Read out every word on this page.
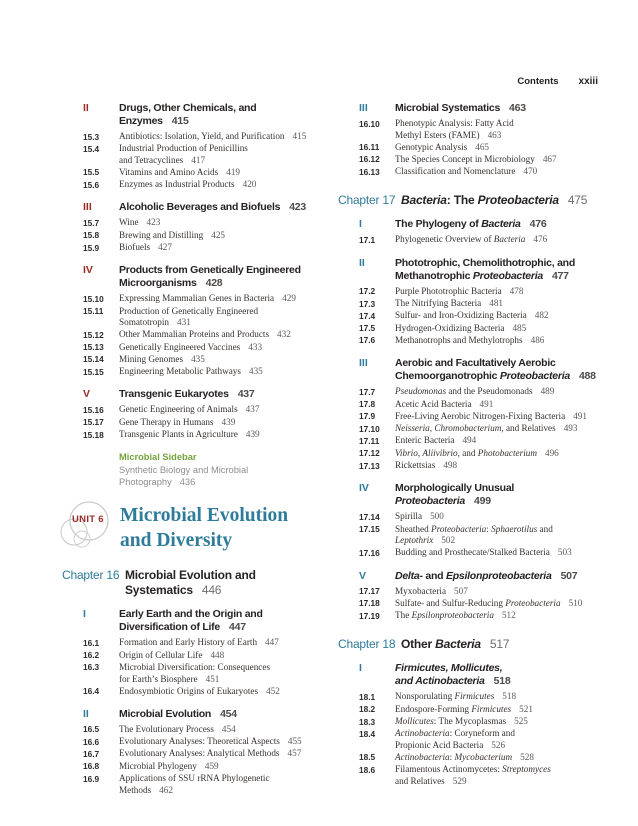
Contents xxiii
II	Drugs, Other Chemicals, and
Enzymes 415
15.3	Antibiotics: Isolation, Yield, and Purification 415
15.4	Industrial Production of Penicillins
and Tetracyclines 417
15.5	Vitamins and Amino Acids 419
15.6	Enzymes as Industrial Products 420
III	Alcoholic Beverages and Biofuels 423
15.7	Wine 423
15.8	Brewing and Distilling 425
15.9	Biofuels 427
IV	Products from Genetically Engineered
Microorganisms 428
15.10	Expressing Mammalian Genes in Bacteria 429
15.11	Production of Genetically Engineered
Somatotropin 431
15.12	Other Mammalian Proteins and Products 432
15.13	Genetically Engineered Vaccines 433
15.14	Mining Genomes 435
15.15	Engineering Metabolic Pathways 435
V	Transgenic Eukaryotes 437
15.16	Genetic Engineering of Animals 437
15.17	Gene Therapy in Humans 439
15.18	Transgenic Plants in Agriculture 439
Microbial Sidebar
Synthetic Biology and Microbial
Photography 436
UNIT 6 Microbial Evolution
and Diversity
Chapter 16 Microbial Evolution and
Systematics 446
I	Early Earth and the Origin and
Diversification of Life 447
16.1	Formation and Early History of Earth 447
16.2	Origin of Cellular Life 448
16.3	Microbial Diversification: Consequences
for Earth’s Biosphere 451
16.4	Endosymbiotic Origins of Eukaryotes 452
II	Microbial Evolution 454
16.5	The Evolutionary Process 454
16.6	Evolutionary Analyses: Theoretical Aspects 455
16.7	Evolutionary Analyses: Analytical Methods 457
16.8	Microbial Phylogeny 459
16.9	Applications of SSU rRNA Phylogenetic
Methods 462
III	Microbial Systematics 463
16.10	Phenotypic Analysis: Fatty Acid
Methyl Esters (FAME) 463
16.11	Genotypic Analysis 465
16.12	The Species Concept in Microbiology 467
16.13	Classification and Nomenclature 470
Chapter 17 Bacteria: The Proteobacteria 475
I	The Phylogeny of Bacteria 476
17.1	Phylogenetic Overview of Bacteria 476
II	Phototrophic, Chemolithotrophic, and
Methanotrophic Proteobacteria 477
17.2	Purple Phototrophic Bacteria 478
17.3	The Nitrifying Bacteria 481
17.4	Sulfur- and Iron-Oxidizing Bacteria 482
17.5	Hydrogen-Oxidizing Bacteria 485
17.6	Methanotrophs and Methylotrophs 486
III	Aerobic and Facultatively Aerobic
Chemoorganotrophic Proteobacteria 488
17.7	Pseudomonas and the Pseudomonads 489
17.8	Acetic Acid Bacteria 491
17.9	Free-Living Aerobic Nitrogen-Fixing Bacteria 491
17.10	Neisseria, Chromobacterium, and Relatives 493
17.11	Enteric Bacteria 494
17.12	Vibrio, Aliivibrio, and Photobacterium 496
17.13	Rickettsias 498
IV	Morphologically Unusual Proteobacteria 499
17.14	Spirilla 500
17.15	Sheathed Proteobacteria: Sphaerotilus and
Leptothrix 502
17.16	Budding and Prosthecate/Stalked Bacteria 503
V	Delta- and Epsilonproteobacteria 507
17.17	Myxobacteria 507
17.18	Sulfate- and Sulfur-Reducing Proteobacteria 510
17.19	The Epsilonproteobacteria 512
Chapter 18 Other Bacteria 517
I	Firmicutes, Mollicutes,
and Actinobacteria 518
18.1	Nonsporulating Firmicutes 518
18.2	Endospore-Forming Firmicutes 521
18.3	Mollicutes: The Mycoplasmas 525
18.4	Actinobacteria: Coryneform and
Propionic Acid Bacteria 526
18.5	Actinobacteria: Mycobacterium 528
18.6	Filamentous Actinomycetes: Streptomyces
and Relatives 529
